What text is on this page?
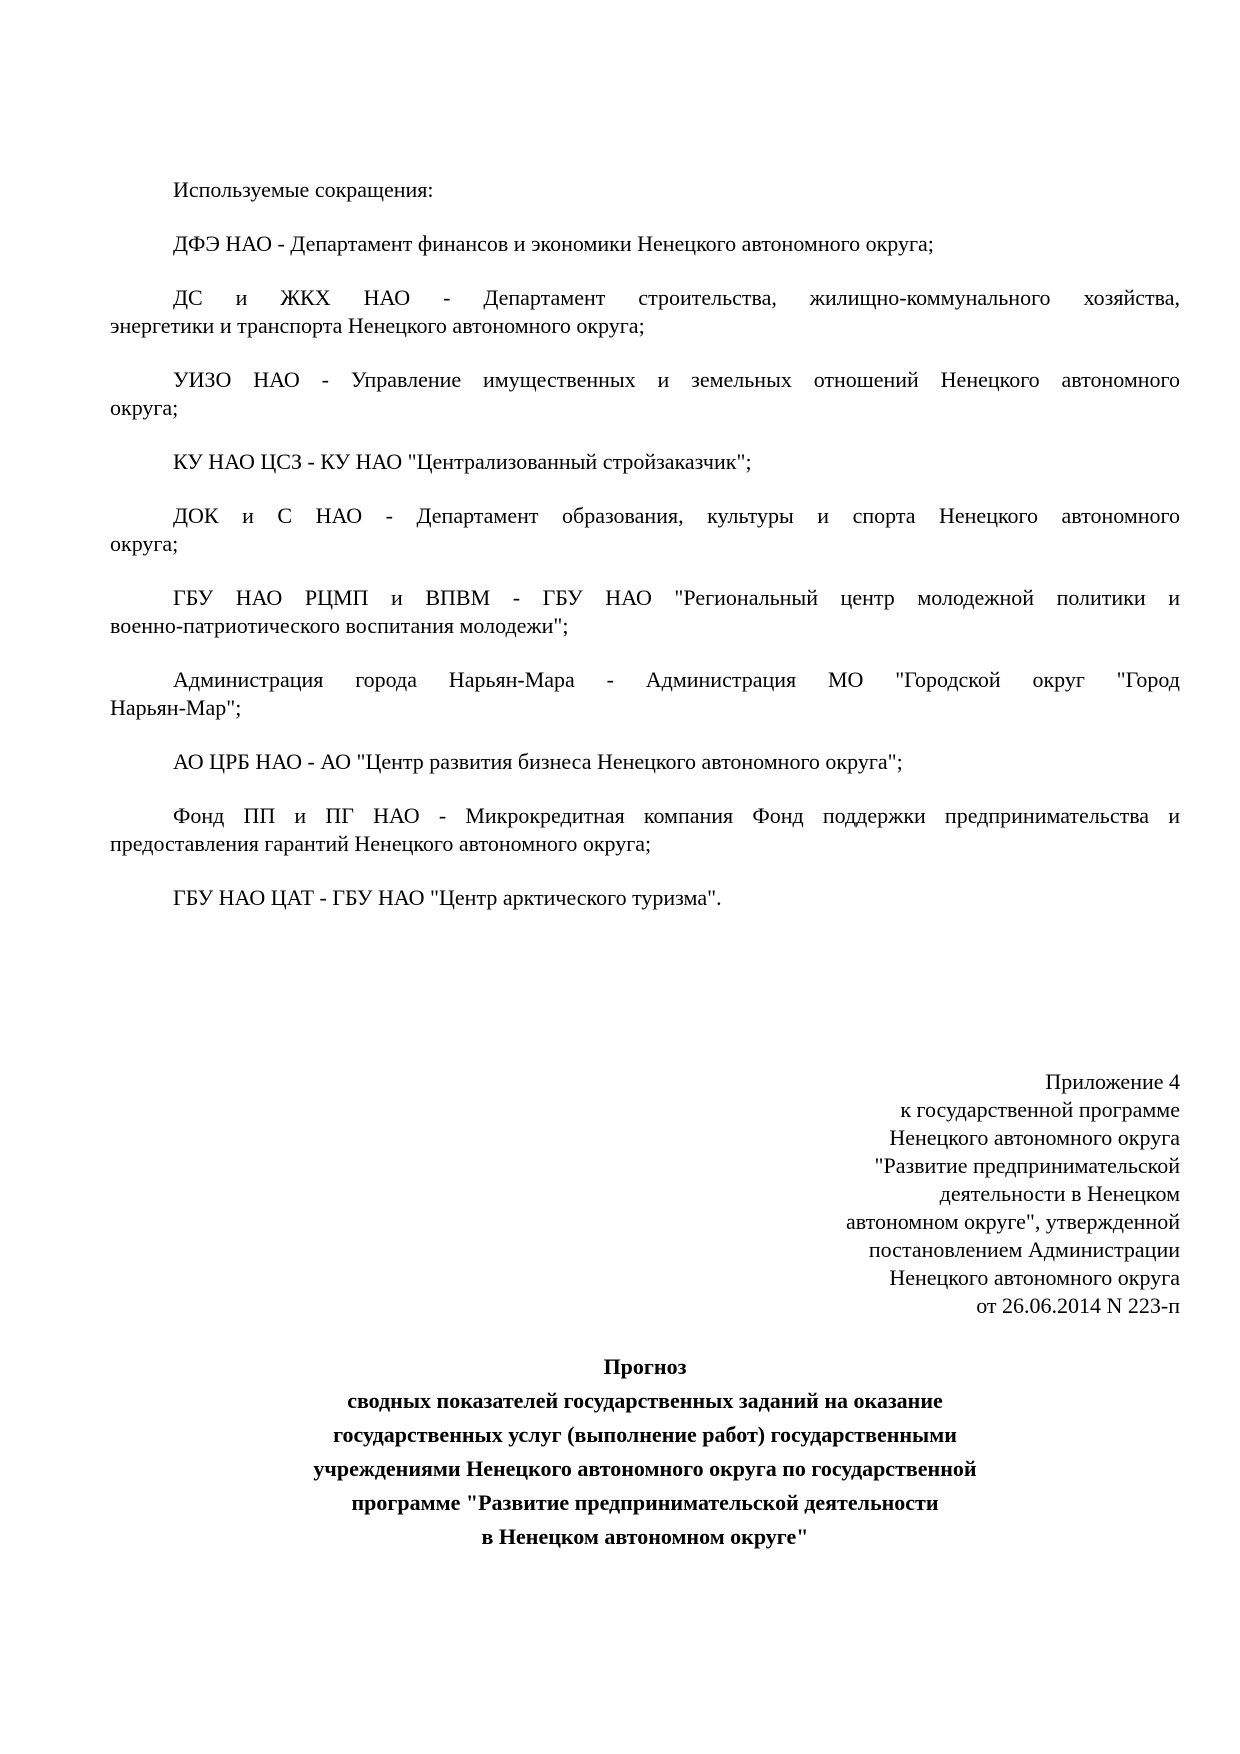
Используемые сокращения:
ДФЭ НАО - Департамент финансов и экономики Ненецкого автономного округа;
ДС и ЖКХ НАО - Департамент строительства, жилищно-коммунального хозяйства,
энергетики и транспорта Ненецкого автономного округа;
УИЗО НАО - Управление имущественных и земельных отношений Ненецкого автономного
округа;
КУ НАО ЦСЗ - КУ НАО "Централизованный стройзаказчик";
ДОК и С НАО - Департамент образования, культуры и спорта Ненецкого автономного
округа;
ГБУ НАО РЦМП и ВПВМ - ГБУ НАО "Региональный центр молодежной политики и
военно-патриотического воспитания молодежи";
Администрация города Нарьян-Мара - Администрация МО "Городской округ "Город
Нарьян-Мар";
АО ЦРБ НАО - АО "Центр развития бизнеса Ненецкого автономного округа";
Фонд ПП и ПГ НАО - Микрокредитная компания Фонд поддержки предпринимательства и
предоставления гарантий Ненецкого автономного округа;
ГБУ НАО ЦАТ - ГБУ НАО "Центр арктического туризма".
Приложение 4
к государственной программе
Ненецкого автономного округа
"Развитие предпринимательской
деятельности в Ненецком
автономном округе", утвержденной
постановлением Администрации
Ненецкого автономного округа
от 26.06.2014 N 223-п
Прогноз
сводных показателей государственных заданий на оказание
государственных услуг (выполнение работ) государственными
учреждениями Ненецкого автономного округа по государственной
программе "Развитие предпринимательской деятельности
в Ненецком автономном округе"
